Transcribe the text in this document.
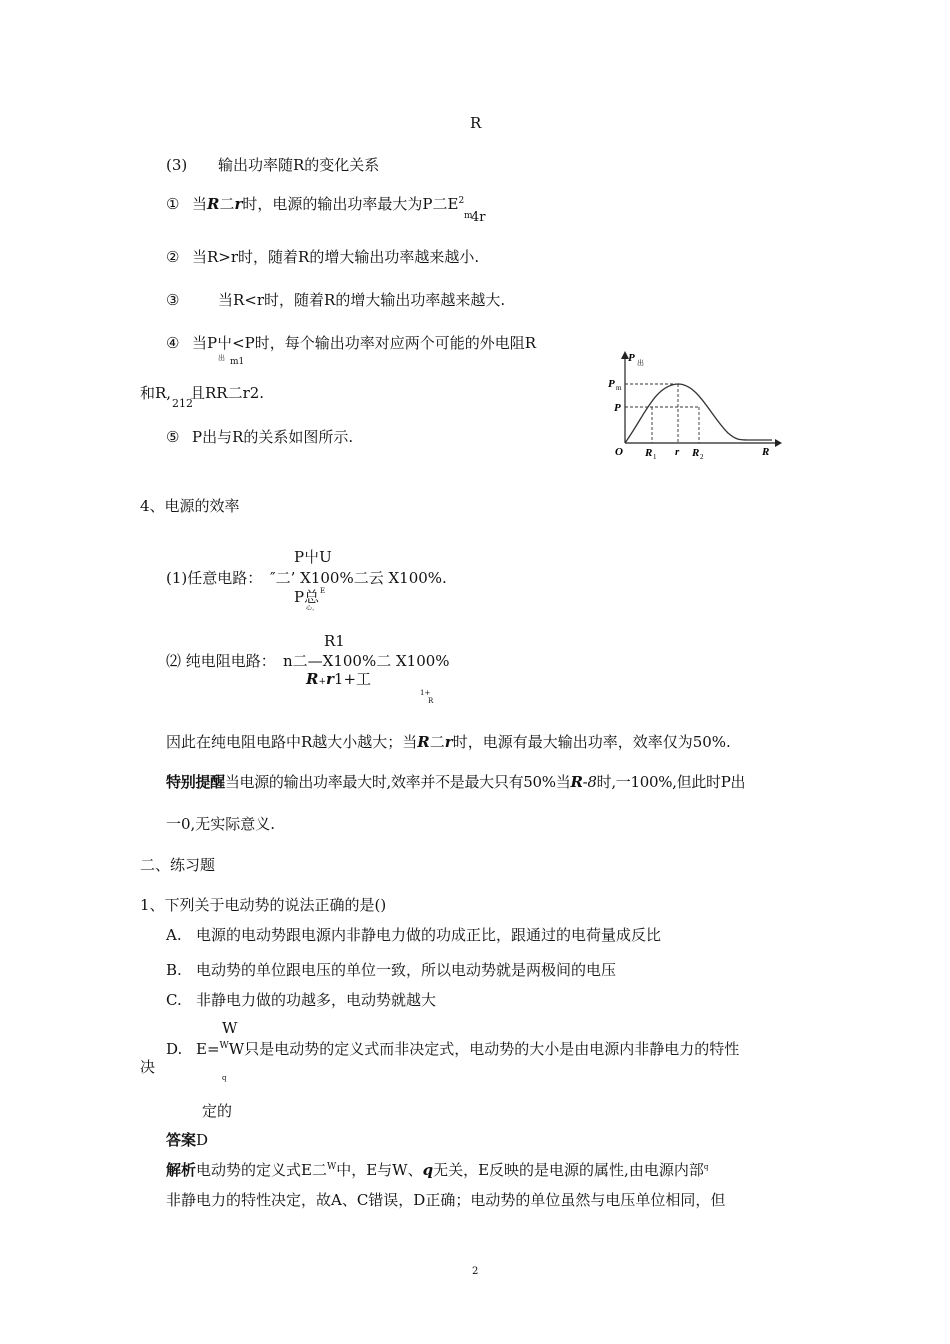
R
(3) 输出功率随R的变化关系
① 当R二r时，电源的输出功率最大为P二$E^2$
m
4r
② 当R>r时，随着R的增大输出功率越来越小.
③	当R<r时，随着R的增大输出功率越来越大.
④ 当P屮<P时，每个输出功率对应两个可能的外电阻R
出 m1
和R,
212
且RR二r2.
⑤ P出与R的关系如图所示.
P 出
P m
P
O R 1 r R 2	R
4、电源的效率
P屮U
(1)任意电路： ″二’ X100%二云 X100%.
P总 E
心、
R1
⑵ 纯电阻电路： n二—X100%二 X100%
R+r1+工
1+
R
因此在纯电阻电路中R越大小越大；当R二r时，电源有最大输出功率，效率仅为50%.
特别提醒当电源的输出功率最大时,效率并不是最大只有50%当R-8时,一100%,但此时P出
一0,无实际意义.
二、练习题
1、下列关于电动势的说法正确的是()
A. 电源的电动势跟电源内非静电力做的功成正比，跟通过的电荷量成反比
B. 电动势的单位跟电压的单位一致，所以电动势就是两极间的电压
C. 非静电力做的功越多，电动势就越大
W
D. E=$^W$W只是电动势的定义式而非决定式，电动势的大小是由电源内非静电力的特性
决
q
定的
答案D
解析电动势的定义式E二$^W$中，E与W、q无关，E反映的是电源的属性,由电源内部$^q$
非静电力的特性决定，故A、C错误，D正确；电动势的单位虽然与电压单位相同，但
2
